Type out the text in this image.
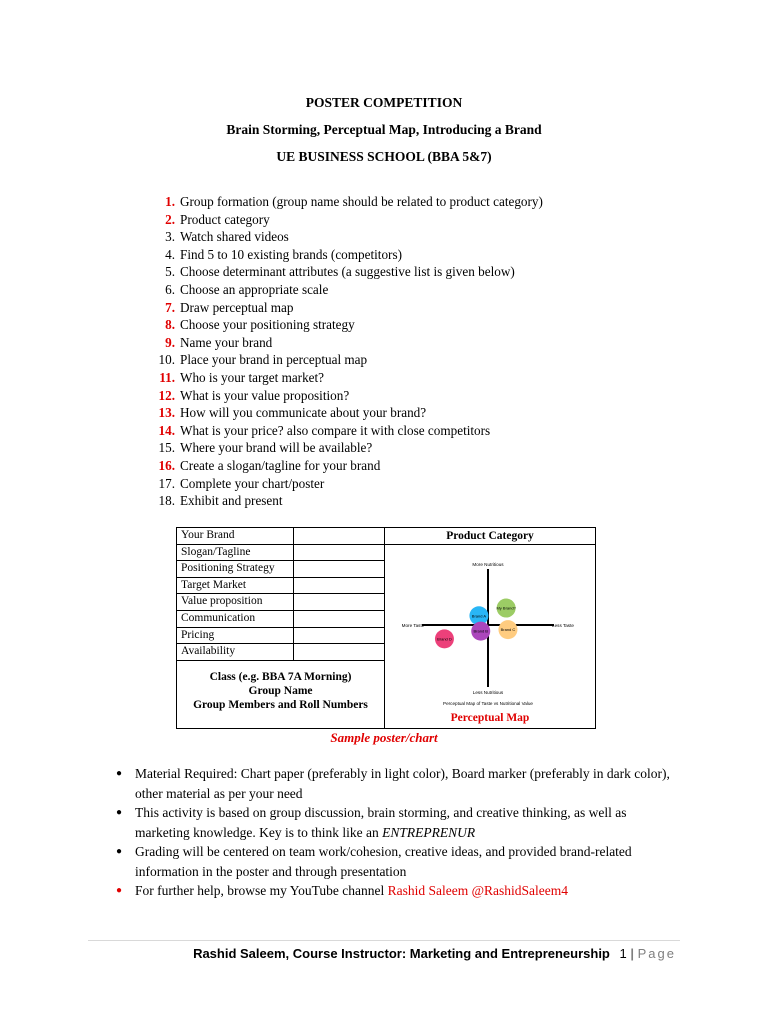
POSTER COMPETITION
Brain Storming, Perceptual Map, Introducing a Brand
UE BUSINESS SCHOOL (BBA 5&7)
1. Group formation (group name should be related to product category)
2. Product category
3. Watch shared videos
4. Find 5 to 10 existing brands (competitors)
5. Choose determinant attributes (a suggestive list is given below)
6. Choose an appropriate scale
7. Draw perceptual map
8. Choose your positioning strategy
9. Name your brand
10. Place your brand in perceptual map
11. Who is your target market?
12. What is your value proposition?
13. How will you communicate about your brand?
14. What is your price? also compare it with close competitors
15. Where your brand will be available?
16. Create a slogan/tagline for your brand
17. Complete your chart/poster
18. Exhibit and present
Your Brand
Slogan/Tagline
Positioning Strategy
Target Market
Value proposition
Communication
Pricing
Availability
Class (e.g. BBA 7A Morning)
Group Name
Group Members and Roll Numbers
Product Category
More Nutritious
Less Nutritious
More Taste	Less Taste
Perceptual Map of Taste vs Nutritional Value
Brand A
My Brand?
Brand B	Brand C
Brand D
Perceptual Map
Sample poster/chart
● Material Required: Chart paper (preferably in light color), Board marker (preferably in dark color), other material as per your need
● This activity is based on group discussion, brain storming, and creative thinking, as well as marketing knowledge. Key is to think like an ENTREPRENUR
● Grading will be centered on team work/cohesion, creative ideas, and provided brand-related information in the poster and through presentation
● For further help, browse my YouTube channel Rashid Saleem @RashidSaleem4
Rashid Saleem, Course Instructor: Marketing and Entrepreneurship 1 | Page
